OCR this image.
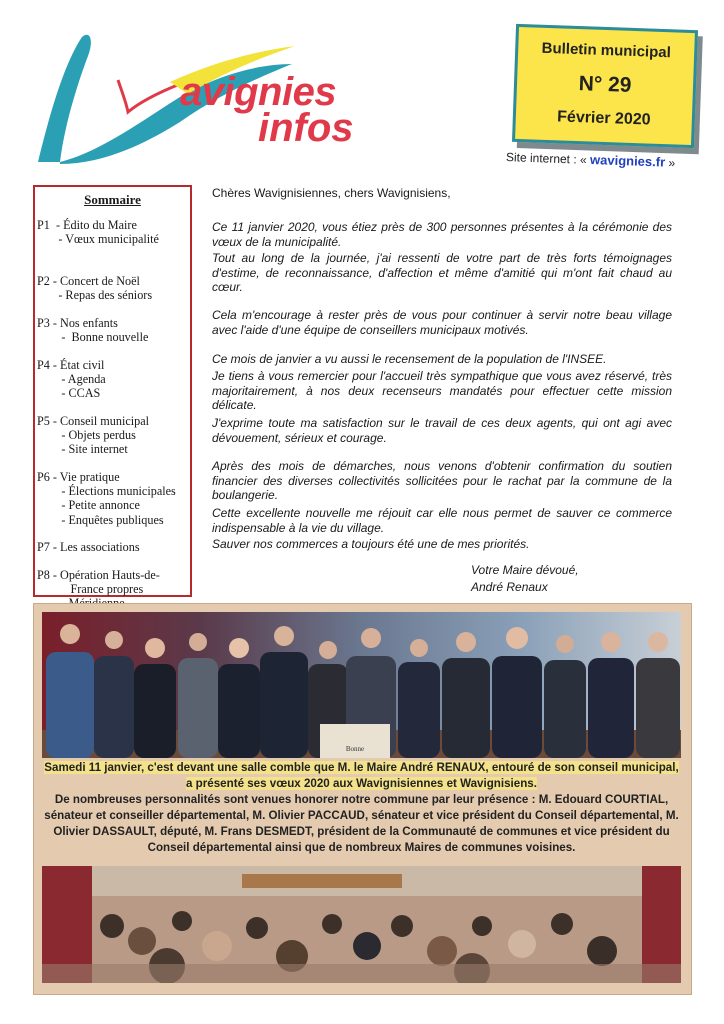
avignies
infos
Bulletin municipal
N° 29
Février 2020
Site internet : « wavignies.fr »
Sommaire
P1  - Édito du Maire
- Vœux municipalité
P2 - Concert de Noël
- Repas des séniors
P3 - Nos enfants
-  Bonne nouvelle
P4 - État civil
- Agenda
- CCAS
P5 - Conseil municipal
- Objets perdus
- Site internet
P6 - Vie pratique
- Élections municipales
- Petite annonce
- Enquêtes publiques
P7 - Les associations
P8 - Opération Hauts-de-
France propres
Chères Wavignisiennes, chers Wavignisiens,
Ce 11 janvier 2020, vous étiez près de 300 personnes présentes à la cérémonie des vœux de la municipalité.
Tout au long de la journée, j'ai ressenti de votre part de très forts témoignages d'estime, de reconnaissance, d'affection et même d'amitié qui m'ont fait chaud au cœur.
Cela m'encourage à rester près de vous pour continuer à servir notre beau village avec l'aide d'une équipe de conseillers municipaux motivés.
Ce mois de janvier a vu aussi le recensement de la population de l'INSEE.
Je tiens à vous remercier pour l'accueil très sympathique que vous avez réservé, très majoritairement, à nos deux recenseurs mandatés pour effectuer cette mission délicate.
J'exprime toute ma satisfaction sur le travail de ces deux agents, qui ont agi avec dévouement, sérieux et courage.
Après des mois de démarches, nous venons d'obtenir confirmation du soutien financier des diverses collectivités sollicitées pour le rachat par la commune de la boulangerie.
Cette excellente nouvelle me réjouit car elle nous permet de sauver ce commerce indispensable à la vie du village.
Sauver nos commerces a toujours été une de mes priorités.
Votre Maire dévoué,
André Renaux
Bonne
Samedi 11 janvier, c'est devant une salle comble que M. le Maire André RENAUX, entouré de son conseil municipal, a présenté ses vœux 2020 aux Wavignisiennes et Wavignisiens.
De nombreuses personnalités sont venues honorer notre commune par leur présence : M. Edouard COURTIAL, sénateur et conseiller départemental, M. Olivier PACCAUD, sénateur et vice président du Conseil départemental, M. Olivier DASSAULT, député, M. Frans DESMEDT, président de la Communauté de communes et vice président du Conseil départemental ainsi que de nombreux Maires de communes voisines.
